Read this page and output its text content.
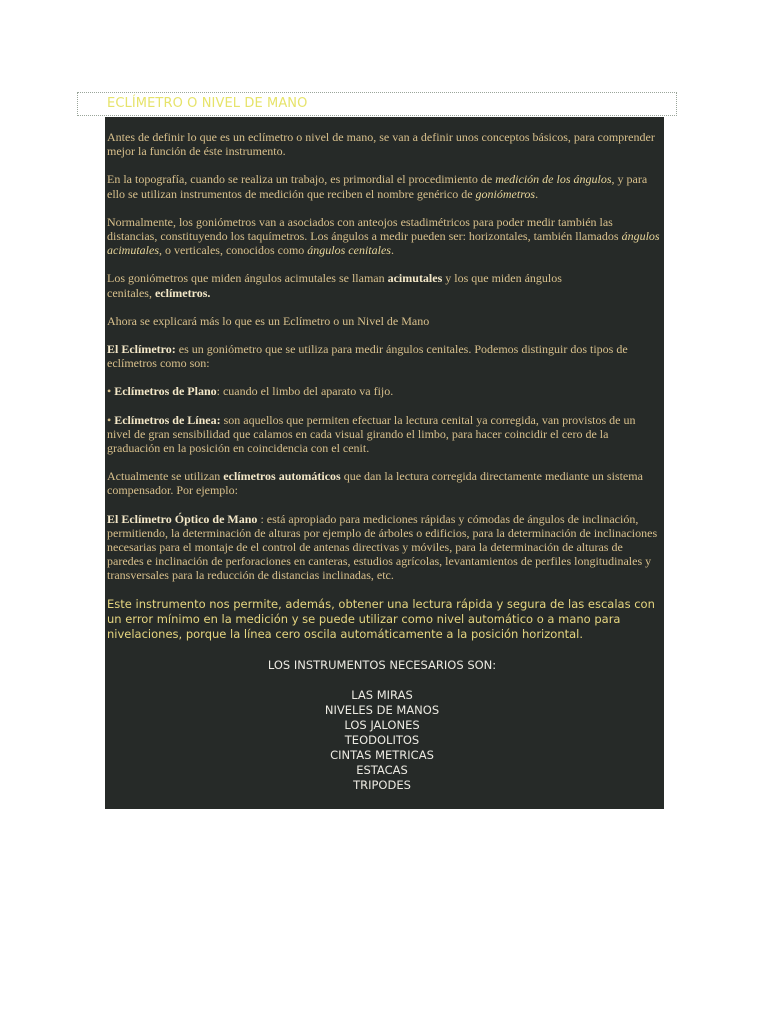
ECLÍMETRO O NIVEL DE MANO

Antes de definir lo que es un eclímetro o nivel de mano, se van a definir unos conceptos básicos, para comprender mejor la función de éste instrumento.

En la topografía, cuando se realiza un trabajo, es primordial el procedimiento de medición de los ángulos, y para ello se utilizan instrumentos de medición que reciben el nombre genérico de goniómetros.

Normalmente, los goniómetros van a asociados con anteojos estadimétricos para poder medir también las distancias, constituyendo los taquímetros. Los ángulos a medir pueden ser: horizontales, también llamados ángulos acimutales, o verticales, conocidos como ángulos cenitales.

Los goniómetros que miden ángulos acimutales se llaman acimutales y los que miden ángulos
cenitales, eclímetros.

Ahora se explicará más lo que es un Eclímetro o un Nivel de Mano

El Eclímetro: es un goniómetro que se utiliza para medir ángulos cenitales. Podemos distinguir dos tipos de eclímetros como son:

• Eclímetros de Plano: cuando el limbo del aparato va fijo.

• Eclímetros de Línea: son aquellos que permiten efectuar la lectura cenital ya corregida, van provistos de un nivel de gran sensibilidad que calamos en cada visual girando el limbo, para hacer coincidir el cero de la graduación en la posición en coincidencia con el cenit.

Actualmente se utilizan eclímetros automáticos que dan la lectura corregida directamente mediante un sistema compensador. Por ejemplo:

El Eclímetro Óptico de Mano : está apropiado para mediciones rápidas y cómodas de ángulos de inclinación, permitiendo, la determinación de alturas por ejemplo de árboles o edificios, para la determinación de inclinaciones necesarias para el montaje de el control de antenas directivas y móviles, para la determinación de alturas de paredes e inclinación de perforaciones en canteras, estudios agrícolas, levantamientos de perfiles longitudinales y transversales para la reducción de distancias inclinadas, etc.

Este instrumento nos permite, además, obtener una lectura rápida y segura de las escalas con un error mínimo en la medición y se puede utilizar como nivel automático o a mano para nivelaciones, porque la línea cero oscila automáticamente a la posición horizontal.

LOS INSTRUMENTOS NECESARIOS SON:
LAS MIRAS
NIVELES DE MANOS
LOS JALONES
TEODOLITOS
CINTAS METRICAS
ESTACAS
TRIPODES
